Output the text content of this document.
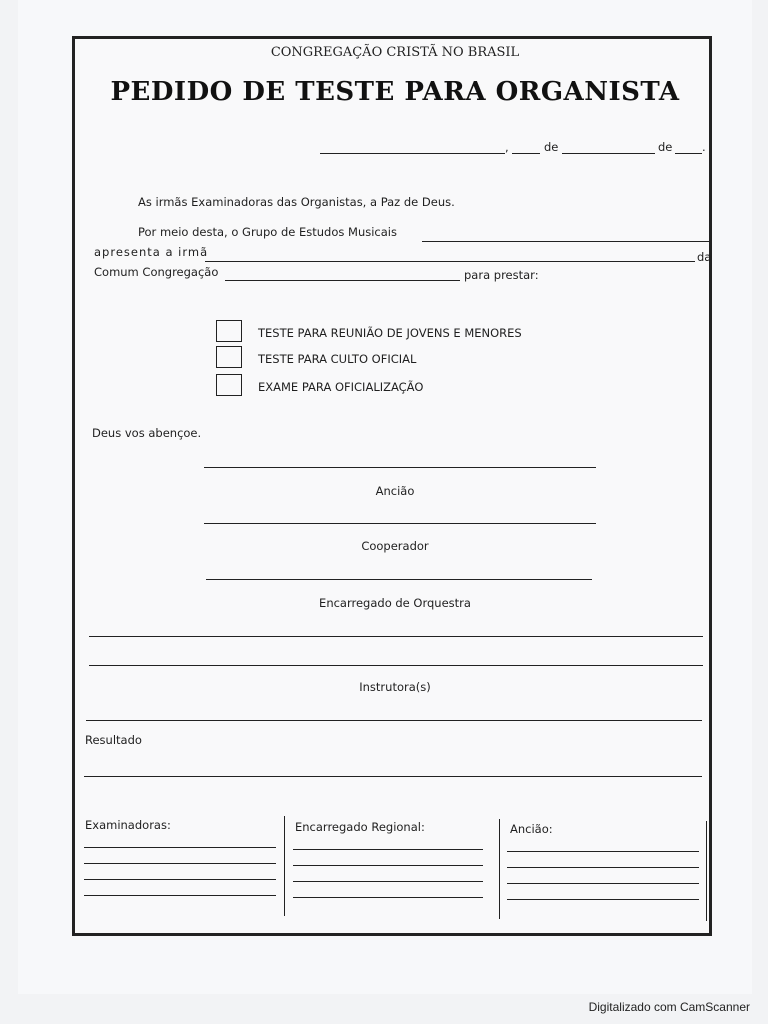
CONGREGAÇÃO CRISTÃ NO BRASIL
PEDIDO DE TESTE PARA ORGANISTA
,	de	de	.
As irmãs Examinadoras das Organistas, a Paz de Deus.
Por meio desta, o Grupo de Estudos Musicais
apresenta a irmã	da
Comum Congregação	para prestar:
TESTE PARA REUNIÃO DE JOVENS E MENORES
TESTE PARA CULTO OFICIAL
EXAME PARA OFICIALIZAÇÃO
Deus vos abençoe.
Ancião
Cooperador
Encarregado de Orquestra
Instrutora(s)
Resultado
Examinadoras:	Encarregado Regional:	Ancião:
Digitalizado com CamScanner
